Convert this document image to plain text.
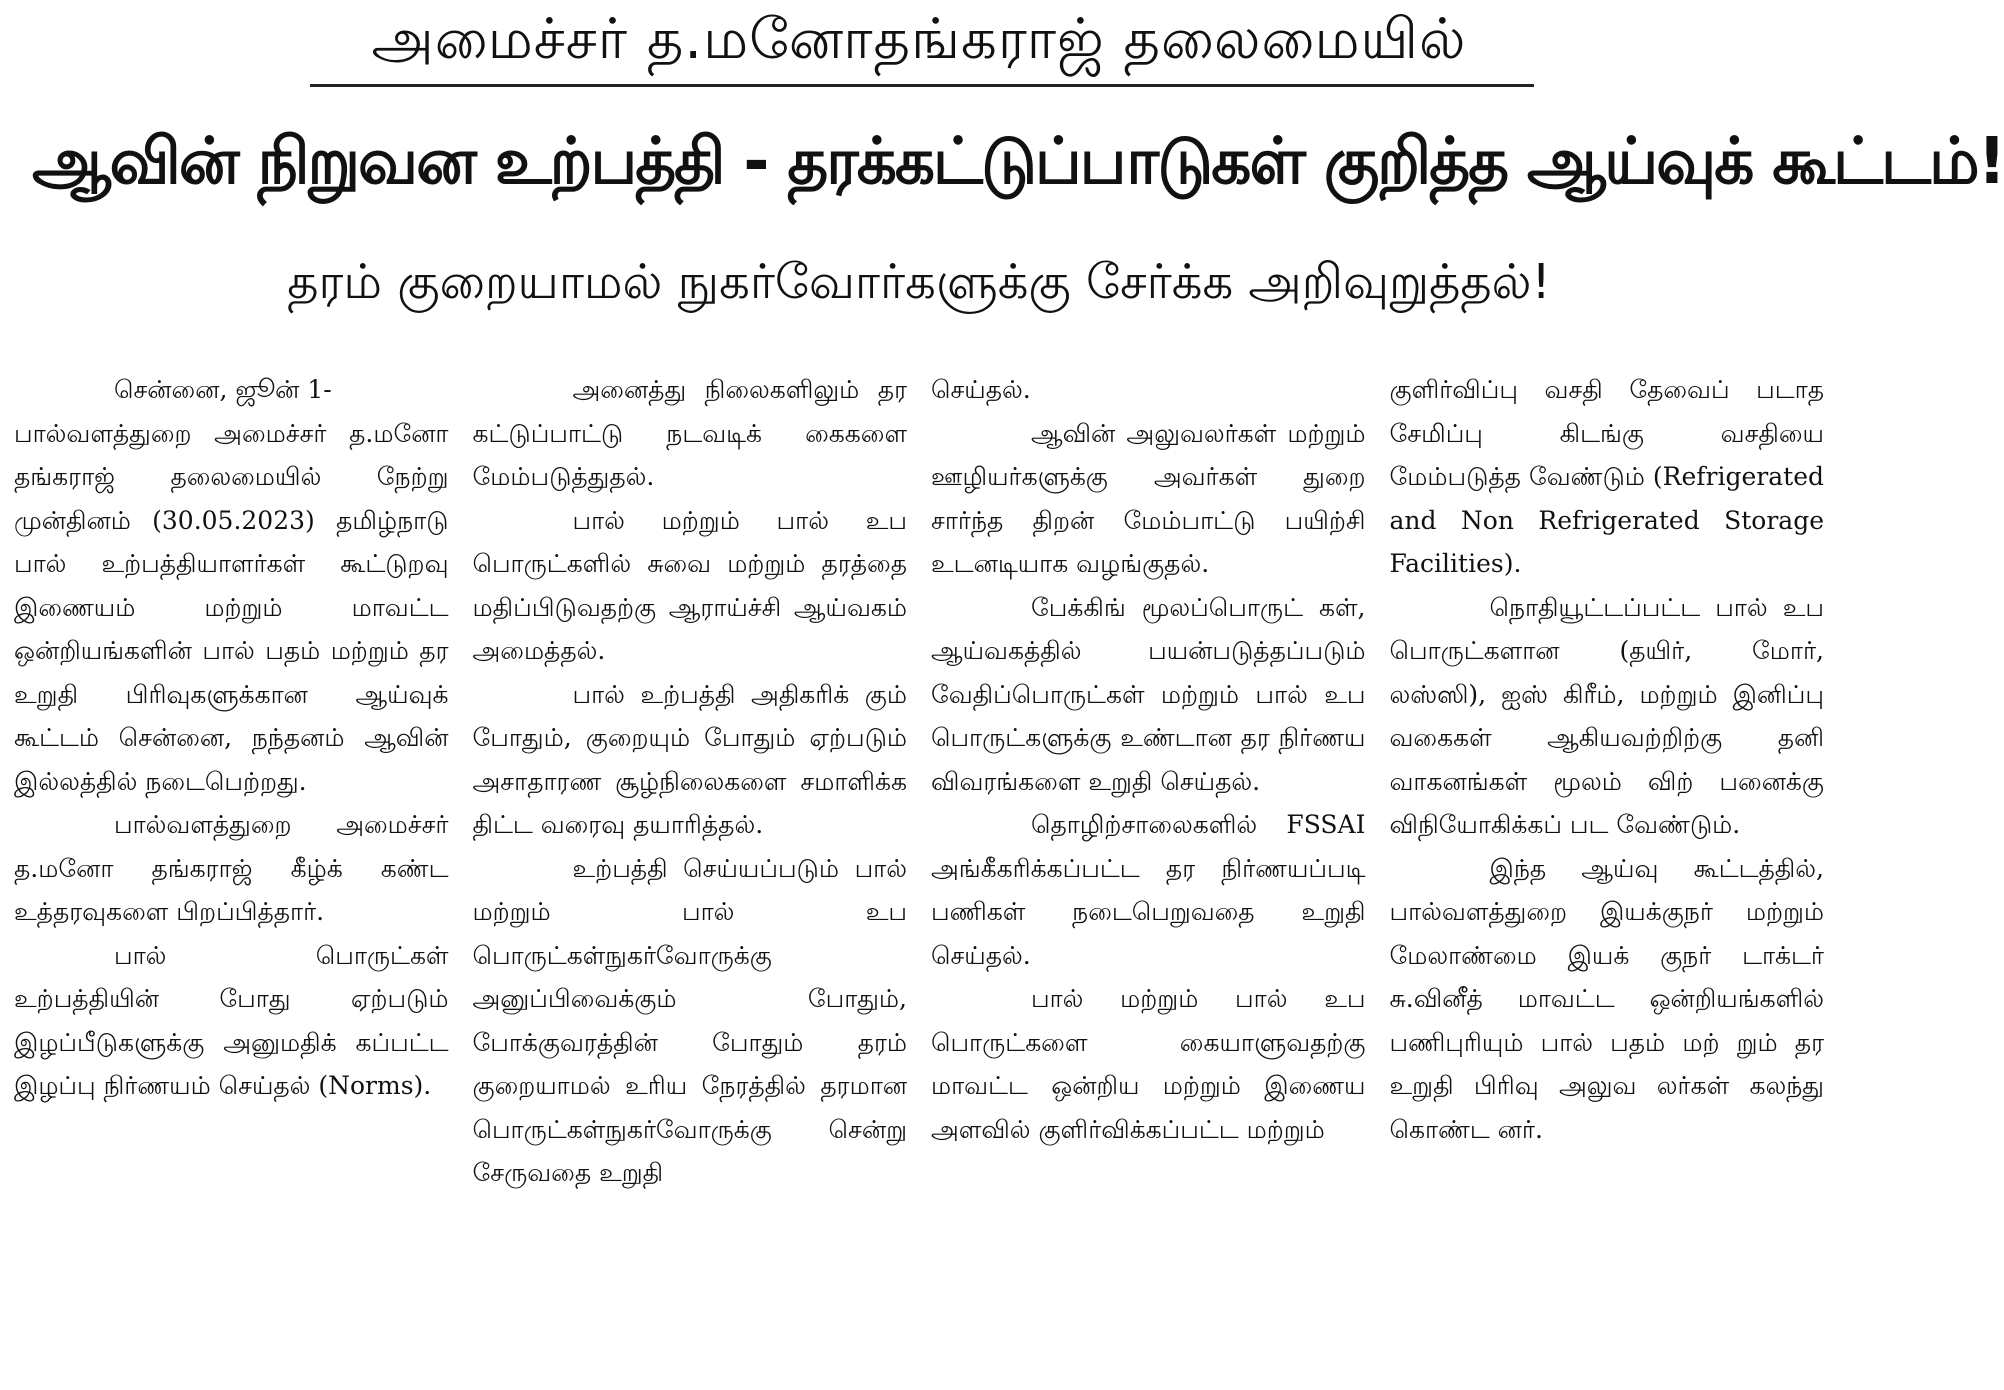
அமைச்சர் த.மனோதங்கராஜ் தலைமையில்
ஆவின் நிறுவன உற்பத்தி - தரக்கட்டுப்பாடுகள் குறித்த ஆய்வுக் கூட்டம்!
தரம் குறையாமல் நுகர்வோர்களுக்கு சேர்க்க அறிவுறுத்தல்!

சென்னை, ஜூன் 1-

பால்வளத்துறை அமைச்சர் த.மனோ தங்கராஜ் தலைமையில் நேற்று முன்தினம் (30.05.2023) தமிழ்நாடு பால் உற்பத்தியாளர்கள் கூட்டுறவு இணையம் மற்றும் மாவட்ட ஒன்றியங்களின் பால் பதம் மற்றும் தர உறுதி பிரிவுகளுக்கான ஆய்வுக் கூட்டம் சென்னை, நந்தனம் ஆவின் இல்லத்தில் நடைபெற்றது.

பால்வளத்துறை அமைச்சர் த.மனோ தங்கராஜ் கீழ்க் கண்ட உத்தரவுகளை பிறப்பித்தார்.

பால் பொருட்கள் உற்பத்தியின் போது ஏற்படும் இழப்பீடுகளுக்கு அனுமதிக் கப்பட்ட இழப்பு நிர்ணயம் செய்தல் (Norms).

அனைத்து நிலைகளிலும் தர கட்டுப்பாட்டு நடவடிக் கைகளை மேம்படுத்துதல்.

பால் மற்றும் பால் உப பொருட்களில் சுவை மற்றும் தரத்தை மதிப்பிடுவதற்கு ஆராய்ச்சி ஆய்வகம் அமைத்தல்.

பால் உற்பத்தி அதிகரிக் கும் போதும், குறையும் போதும் ஏற்படும் அசாதாரண சூழ்நிலைகளை சமாளிக்க திட்ட வரைவு தயாரித்தல்.

உற்பத்தி செய்யப்படும் பால் மற்றும் பால் உப பொருட்கள்நுகர்வோருக்கு அனுப்பிவைக்கும் போதும், போக்குவரத்தின் போதும் தரம் குறையாமல் உரிய நேரத்தில் தரமான பொருட்கள்நுகர்வோருக்கு சென்று சேருவதை உறுதி

செய்தல்.

ஆவின் அலுவலர்கள் மற்றும் ஊழியர்களுக்கு அவர்கள் துறை சார்ந்த திறன் மேம்பாட்டு பயிற்சி உடனடியாக வழங்குதல்.

பேக்கிங் மூலப்பொருட் கள், ஆய்வகத்தில் பயன்படுத்தப்படும் வேதிப்பொருட்கள் மற்றும் பால் உப பொருட்களுக்கு உண்டான தர நிர்ணய விவரங்களை உறுதி செய்தல்.

தொழிற்சாலைகளில் FSSAI அங்கீகரிக்கப்பட்ட தர நிர்ணயப்படி பணிகள் நடைபெறுவதை உறுதி செய்தல்.

பால் மற்றும் பால் உப பொருட்களை கையாளுவதற்கு மாவட்ட ஒன்றிய மற்றும் இணைய அளவில் குளிர்விக்கப்பட்ட மற்றும்

குளிர்விப்பு வசதி தேவைப் படாத சேமிப்பு கிடங்கு வசதியை மேம்படுத்த வேண்டும் (Refrigerated and Non Refrigerated Storage Facilities).

நொதியூட்டப்பட்ட பால் உப பொருட்களான (தயிர், மோர், லஸ்ஸி), ஐஸ் கிரீம், மற்றும் இனிப்பு வகைகள் ஆகியவற்றிற்கு தனி வாகனங்கள் மூலம் விற் பனைக்கு விநியோகிக்கப் பட வேண்டும்.

இந்த ஆய்வு கூட்டத்தில், பால்வளத்துறை இயக்குநர் மற்றும் மேலாண்மை இயக் குநர் டாக்டர் சு.வினீத் மாவட்ட ஒன்றியங்களில் பணிபுரியும் பால் பதம் மற் றும் தர உறுதி பிரிவு அலுவ லர்கள் கலந்து கொண்ட னர்.
